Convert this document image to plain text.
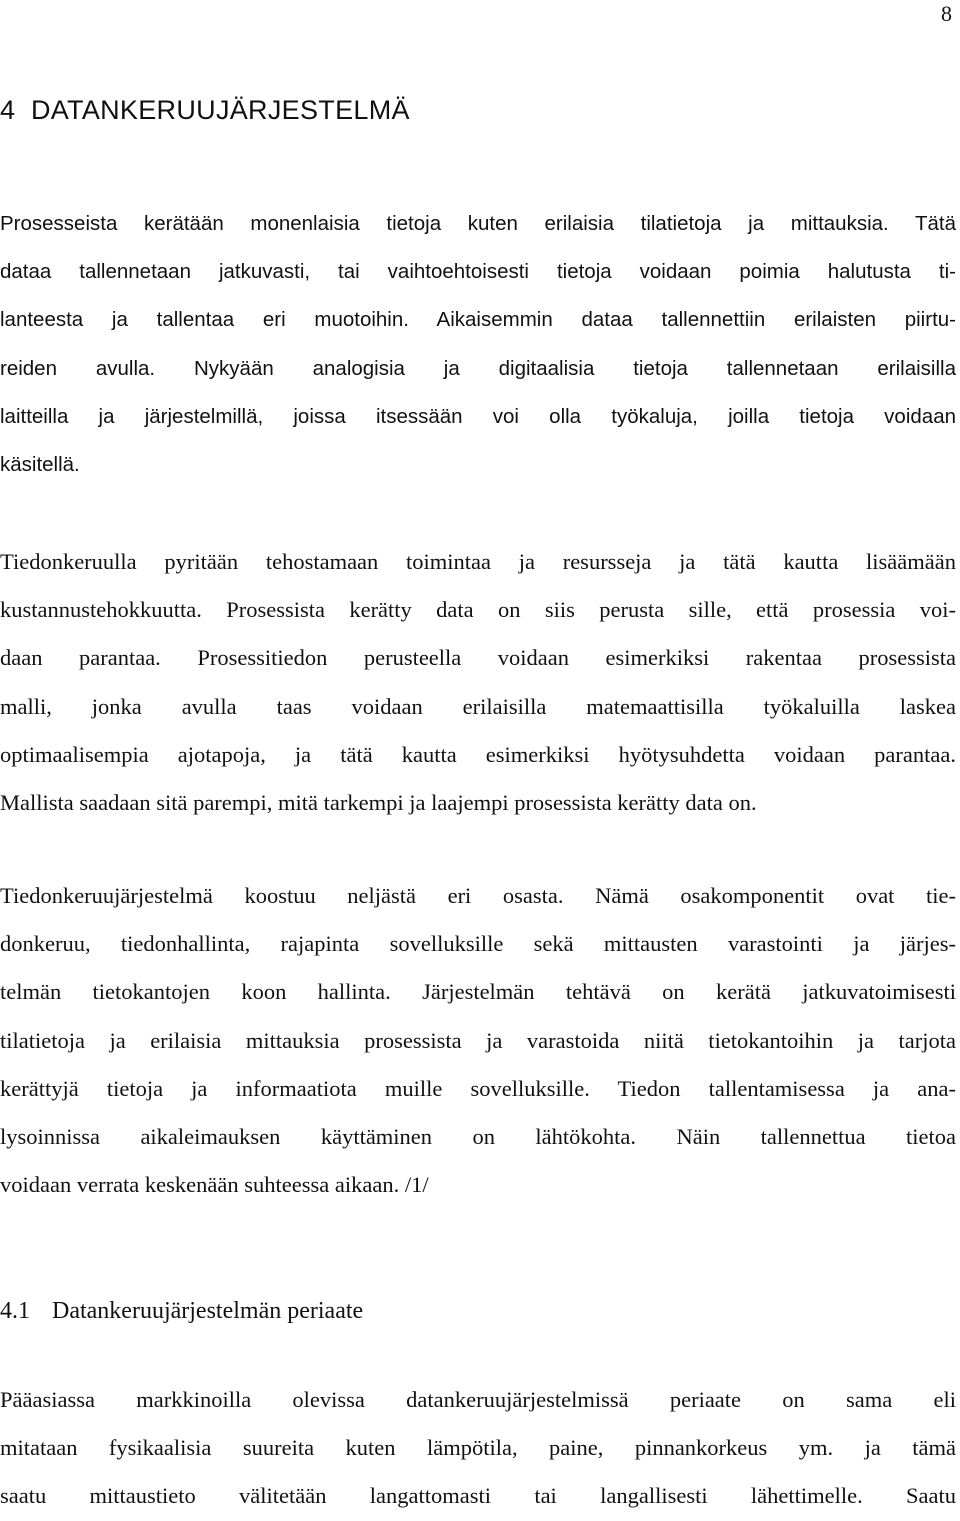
8
4 DATANKERUUJÄRJESTELMÄ
Prosesseista kerätään monenlaisia tietoja kuten erilaisia tilatietoja ja mittauksia. Tätä
dataa tallennetaan jatkuvasti, tai vaihtoehtoisesti tietoja voidaan poimia halutusta ti-
lanteesta ja tallentaa eri muotoihin. Aikaisemmin dataa tallennettiin erilaisten piirtu-
reiden avulla. Nykyään analogisia ja digitaalisia tietoja tallennetaan erilaisilla
laitteilla ja järjestelmillä, joissa itsessään voi olla työkaluja, joilla tietoja voidaan
käsitellä.
Tiedonkeruulla pyritään tehostamaan toimintaa ja resursseja ja tätä kautta lisäämään
kustannustehokkuutta. Prosessista kerätty data on siis perusta sille, että prosessia voi-
daan parantaa. Prosessitiedon perusteella voidaan esimerkiksi rakentaa prosessista
malli, jonka avulla taas voidaan erilaisilla matemaattisilla työkaluilla laskea
optimaalisempia ajotapoja, ja tätä kautta esimerkiksi hyötysuhdetta voidaan parantaa.
Mallista saadaan sitä parempi, mitä tarkempi ja laajempi prosessista kerätty data on.
Tiedonkeruujärjestelmä koostuu neljästä eri osasta. Nämä osakomponentit ovat tie-
donkeruu, tiedonhallinta, rajapinta sovelluksille sekä mittausten varastointi ja järjes-
telmän tietokantojen koon hallinta. Järjestelmän tehtävä on kerätä jatkuvatoimisesti
tilatietoja ja erilaisia mittauksia prosessista ja varastoida niitä tietokantoihin ja tarjota
kerättyjä tietoja ja informaatiota muille sovelluksille. Tiedon tallentamisessa ja ana-
lysoinnissa aikaleimauksen käyttäminen on lähtökohta. Näin tallennettua tietoa
voidaan verrata keskenään suhteessa aikaan. /1/
4.1 Datankeruujärjestelmän periaate
Pääasiassa markkinoilla olevissa datankeruujärjestelmissä periaate on sama eli
mitataan fysikaalisia suureita kuten lämpötila, paine, pinnankorkeus ym. ja tämä
saatu mittaustieto välitetään langattomasti tai langallisesti lähettimelle. Saatu
